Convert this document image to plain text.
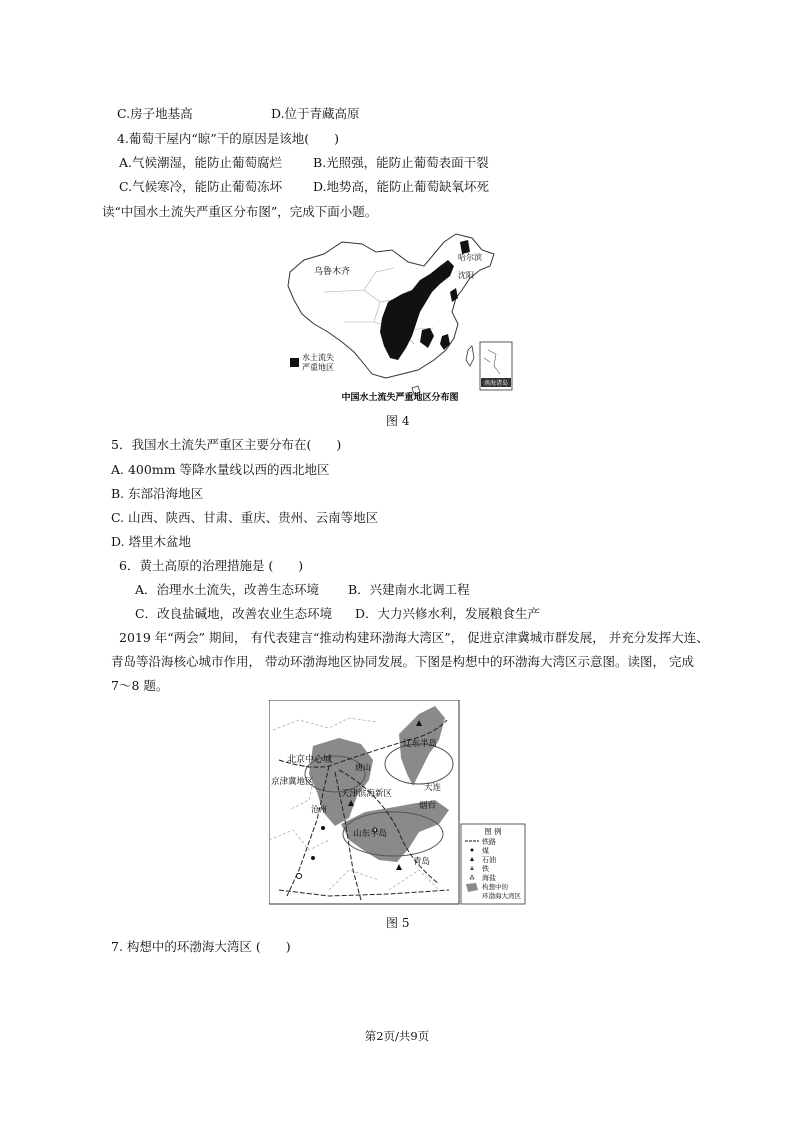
C.房子地基高	D.位于青藏高原
4.葡萄干屋内“晾”干的原因是该地(　　)
A.气候潮湿，能防止葡萄腐烂 B.光照强，能防止葡萄表面干裂
C.气候寒冷，能防止葡萄冻坏 D.地势高，能防止葡萄缺氧坏死
读“中国水土流失严重区分布图”，完成下面小题。
南海诸岛
乌鲁木齐
哈尔滨
沈阳
水土流失严重地区
中国水土流失严重地区分布图
图 4
5．我国水土流失严重区主要分布在(　　)
A. 400mm 等降水量线以西的西北地区
B. 东部沿海地区
C. 山西、陕西、甘肃、重庆、贵州、云南等地区
D. 塔里木盆地
6．黄土高原的治理措施是 (　　)
A．治理水土流失，改善生态环境 B．兴建南水北调工程
C．改良盐碱地，改善农业生态环境 D．大力兴修水利，发展粮食生产
2019 年“两会” 期间， 有代表建言“推动构建环渤海大湾区”， 促进京津冀城市群发展， 并充分发挥大连、
青岛等沿海核心城市作用， 带动环渤海地区协同发展。下图是构想中的环渤海大湾区示意图。读图， 完成
7～8 题。
北京中心城
京津冀地区
唐山
天津滨海新区
沧州
辽东半岛
大连
烟台
山东半岛
青岛
图 例
铁路
煤
石油
铁
海盐
构想中的环渤海大湾区
图 5
7. 构想中的环渤海大湾区 (　　)
第2页/共9页
